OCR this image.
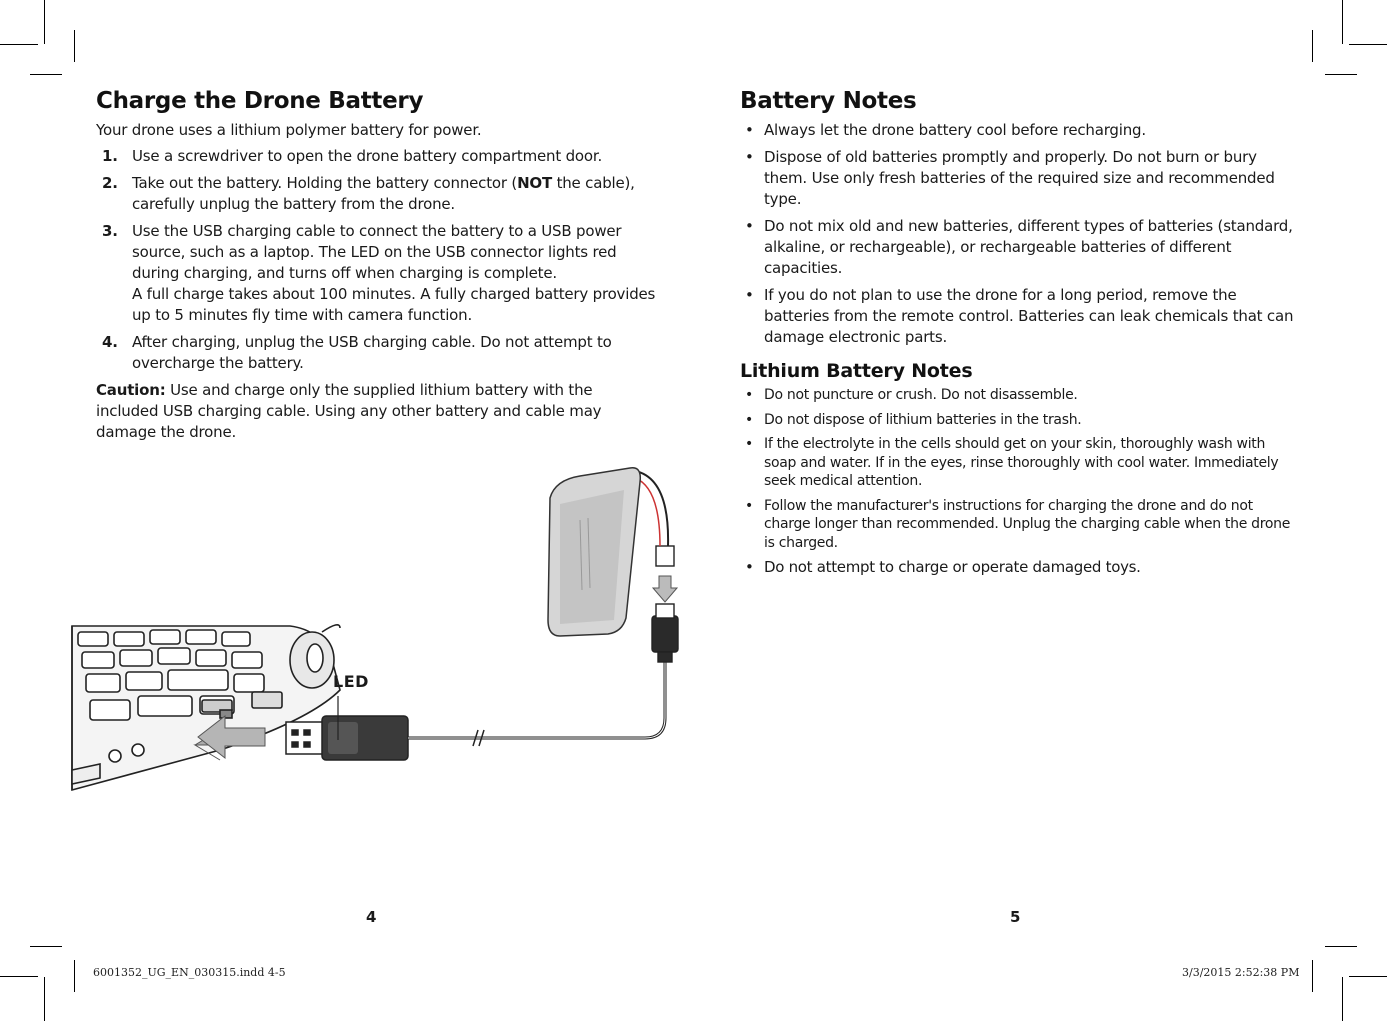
Charge the Drone Battery

Your drone uses a lithium polymer battery for power.

1. Use a screwdriver to open the drone battery compartment door.
2. Take out the battery. Holding the battery connector (NOT the cable), carefully unplug the battery from the drone.
3. Use the USB charging cable to connect the battery to a USB power source, such as a laptop. The LED on the USB connector lights red during charging, and turns off when charging is complete.
A full charge takes about 100 minutes. A fully charged battery provides up to 5 minutes fly time with camera function.
4. After charging, unplug the USB charging cable. Do not attempt to overcharge the battery.

Caution: Use and charge only the supplied lithium battery with the included USB charging cable. Using any other battery and cable may damage the drone.

LED
Battery Notes
• Always let the drone battery cool before recharging.
• Dispose of old batteries promptly and properly. Do not burn or bury them. Use only fresh batteries of the required size and recommended type.
• Do not mix old and new batteries, different types of batteries (standard, alkaline, or rechargeable), or rechargeable batteries of different capacities.
• If you do not plan to use the drone for a long period, remove the batteries from the remote control. Batteries can leak chemicals that can damage electronic parts.
Lithium Battery Notes
• Do not puncture or crush. Do not disassemble.
• Do not dispose of lithium batteries in the trash.
• If the electrolyte in the cells should get on your skin, thoroughly wash with soap and water. If in the eyes, rinse thoroughly with cool water. Immediately seek medical attention.
• Follow the manufacturer's instructions for charging the drone and do not charge longer than recommended. Unplug the charging cable when the drone is charged.
• Do not attempt to charge or operate damaged toys.
4	5
6001352_UG_EN_030315.indd 4-5	3/3/2015 2:52:38 PM
